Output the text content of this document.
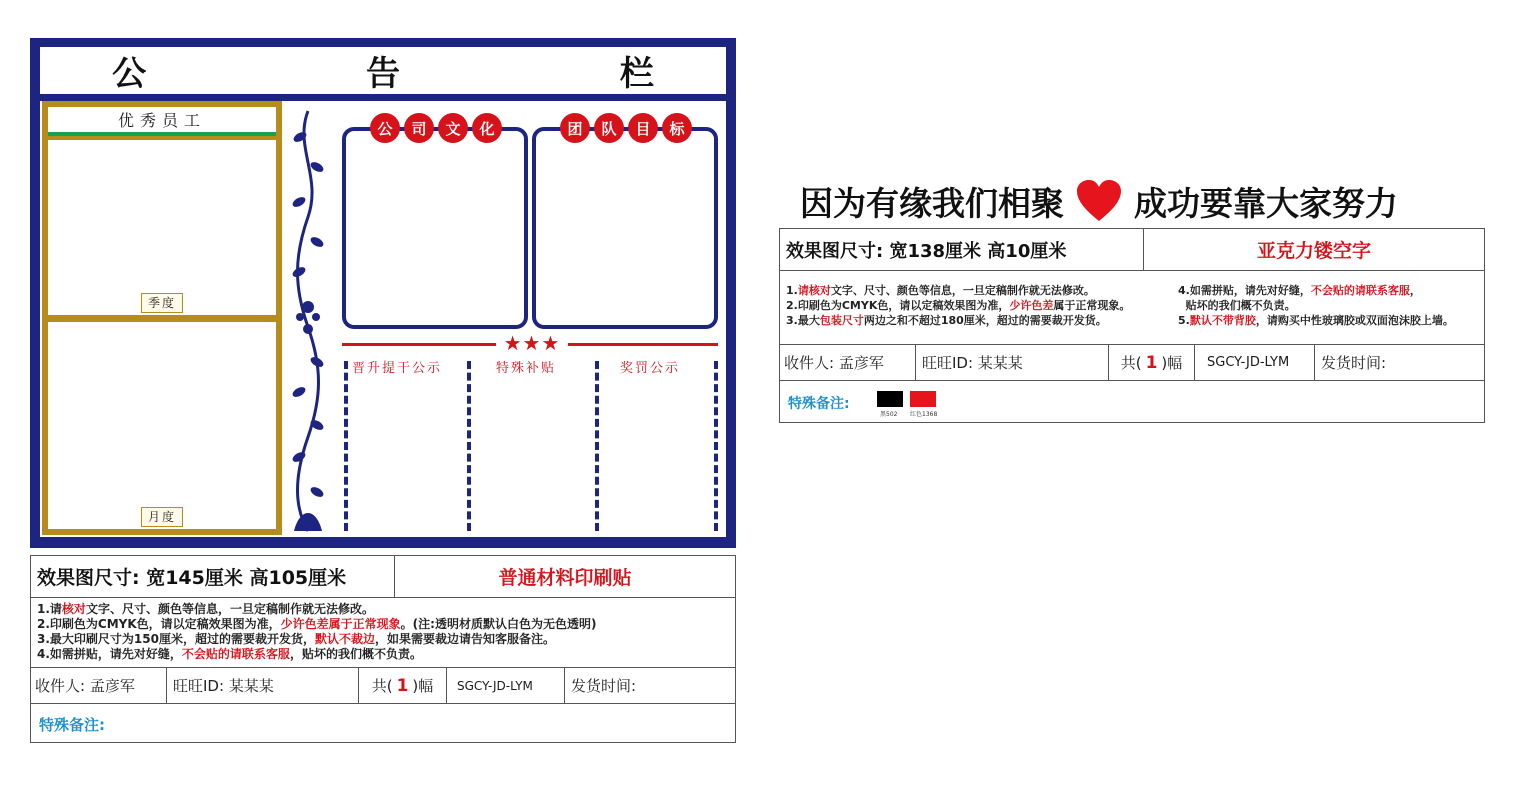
公 告 栏
优秀员工
季度
月度
公	司	文	化	团	队	目	标
★★★
晋升提干公示	特殊补贴	奖罚公示
效果图尺寸: 宽145厘米 高105厘米	普通材料印刷贴
1.请核对文字、尺寸、颜色等信息，一旦定稿制作就无法修改。
2.印刷色为CMYK色，请以定稿效果图为准，少许色差属于正常现象。(注:透明材质默认白色为无色透明)
3.最大印刷尺寸为150厘米，超过的需要裁开发货，默认不裁边，如果需要裁边请告知客服备注。
4.如需拼贴，请先对好缝，不会贴的请联系客服，贴坏的我们概不负责。
收件人: 孟彦军	旺旺ID: 某某某	共( 1 )幅	SGCY-JD-LYM	发货时间:
特殊备注:
因为有缘我们相聚 成功要靠大家努力
效果图尺寸: 宽138厘米 高10厘米	亚克力镂空字
1.请核对文字、尺寸、颜色等信息，一旦定稿制作就无法修改。
2.印刷色为CMYK色，请以定稿效果图为准，少许色差属于正常现象。
3.最大包装尺寸两边之和不超过180厘米，超过的需要裁开发货。
4.如需拼贴，请先对好缝，不会贴的请联系客服，
贴坏的我们概不负责。
5.默认不带背胶，请购买中性玻璃胶或双面泡沫胶上墙。
收件人: 孟彦军	旺旺ID: 某某某	共( 1 )幅	SGCY-JD-LYM	发货时间:
特殊备注:
黑502 红色1368
